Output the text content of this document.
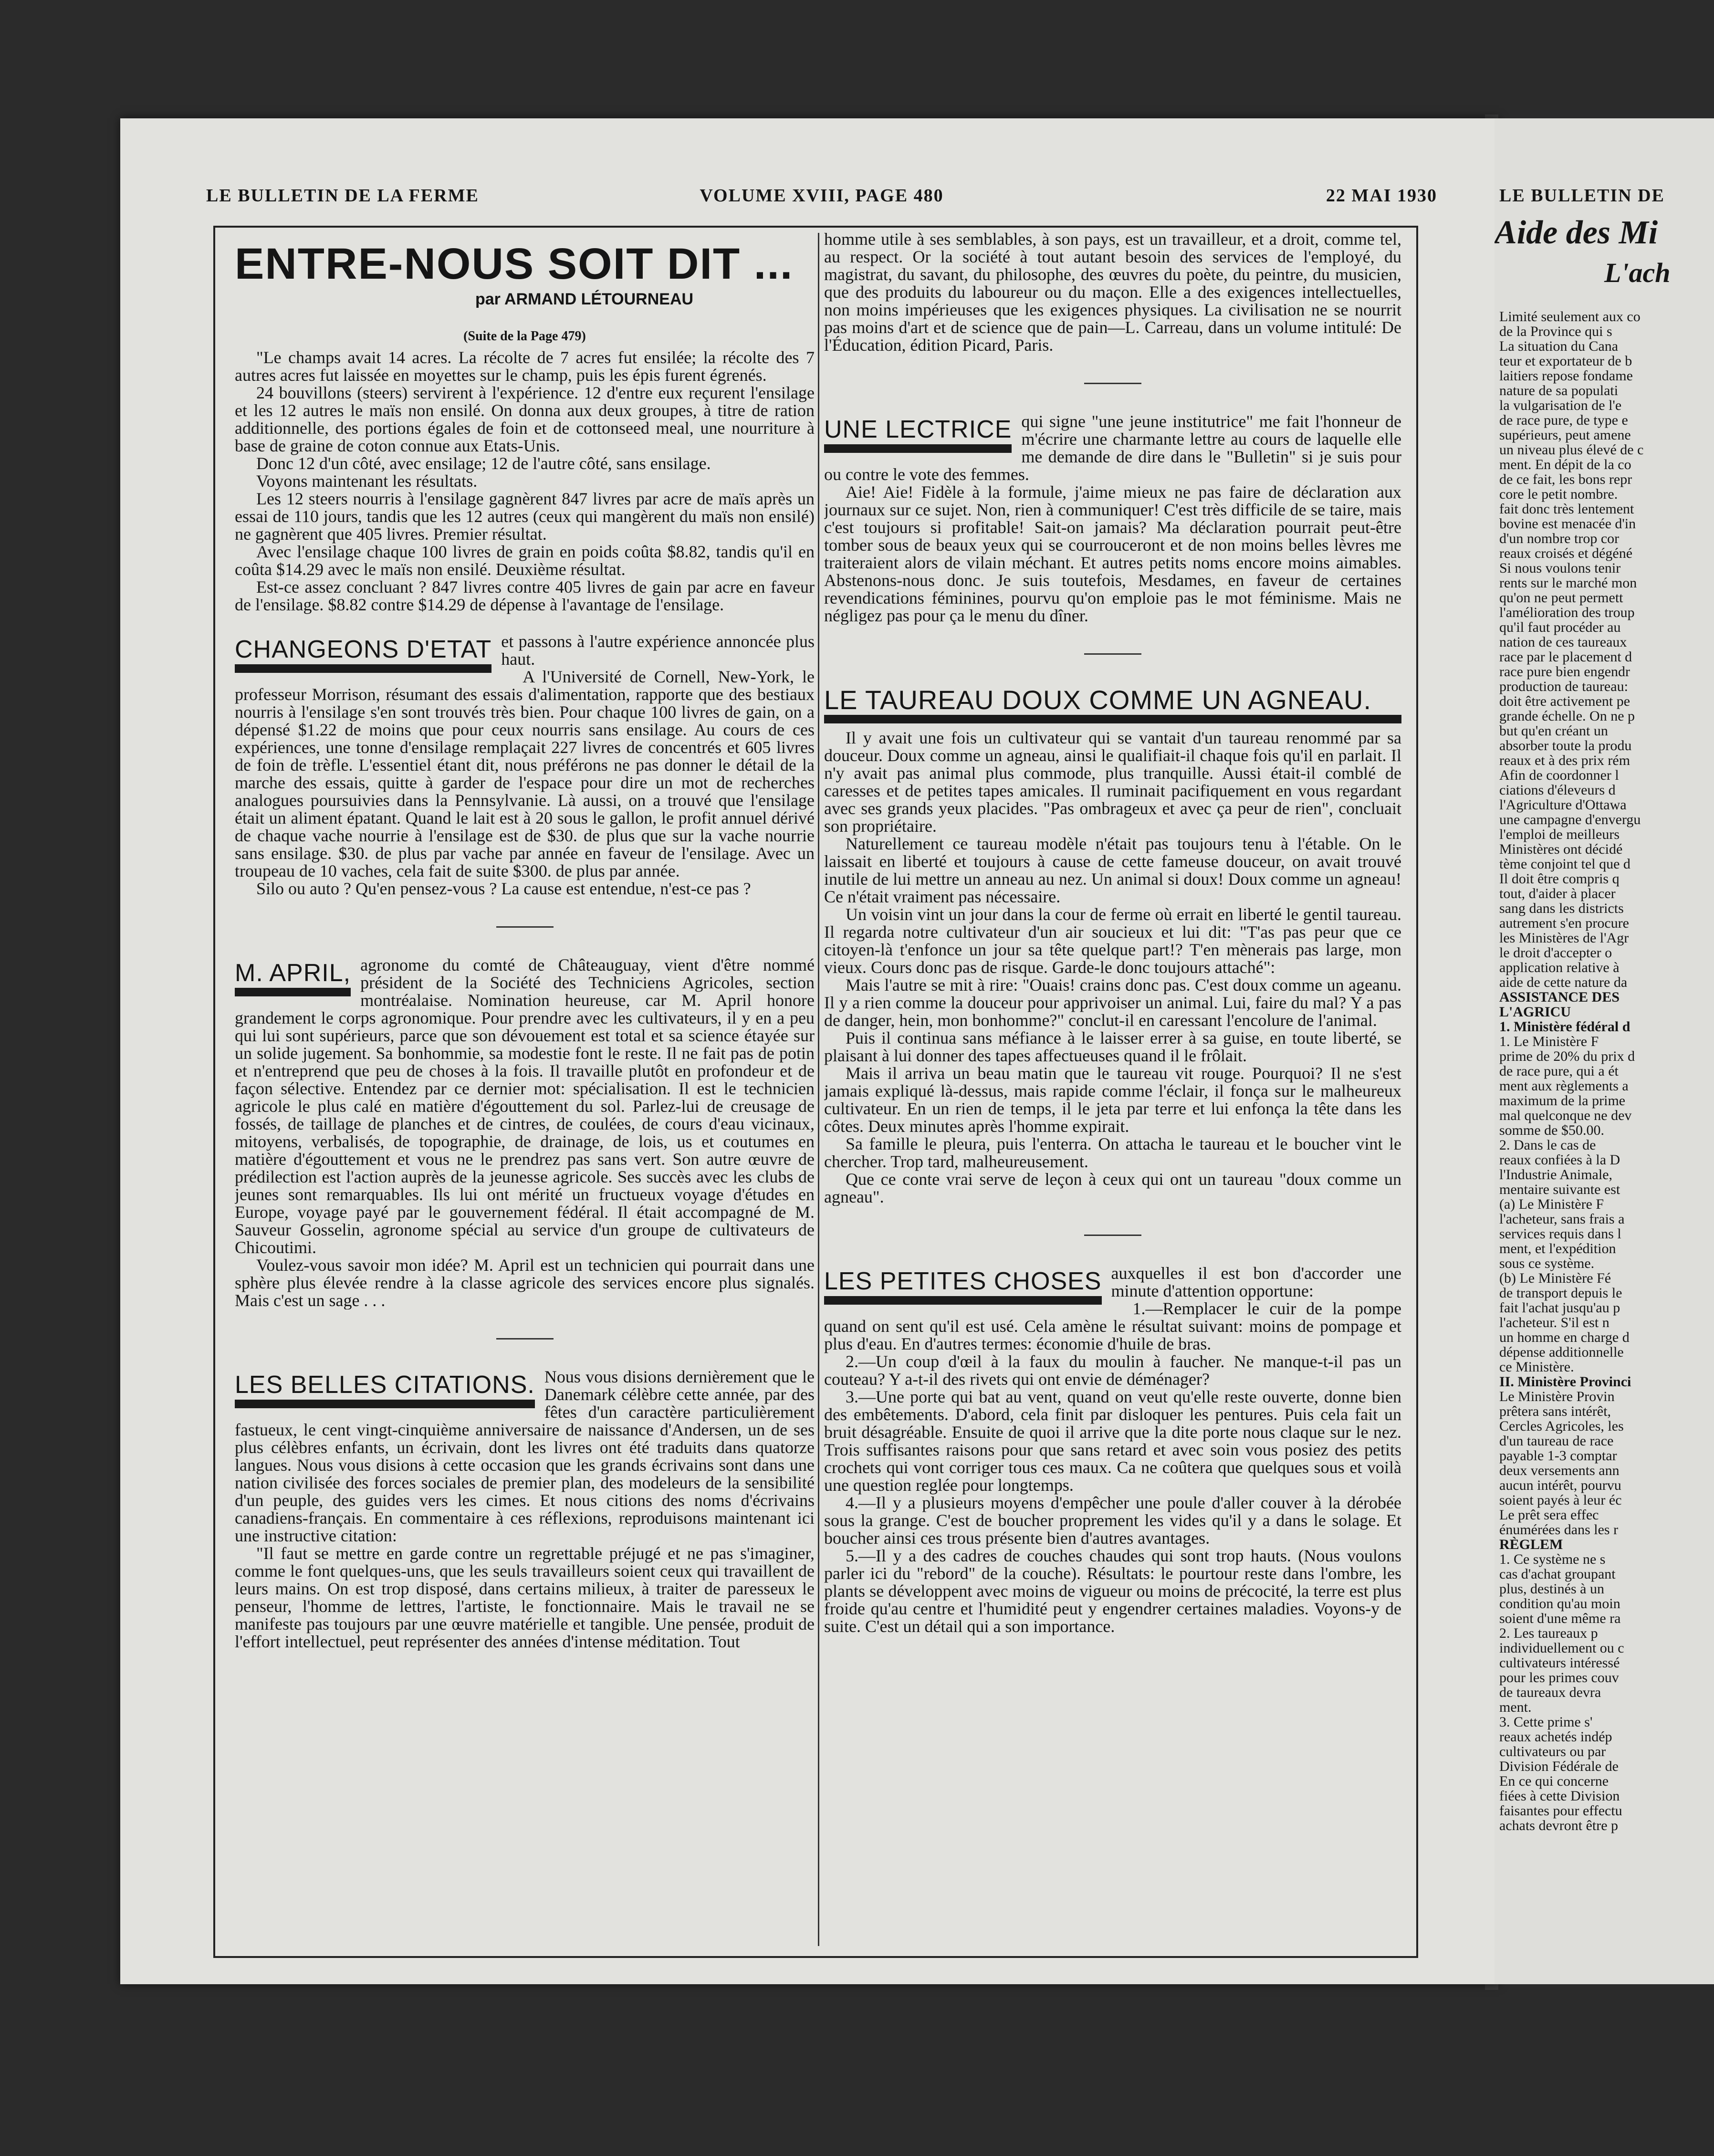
LE BULLETIN DE LA FERME	VOLUME XVIII, PAGE 480	22 MAI 1930
ENTRE-NOUS SOIT DIT ...
par ARMAND LÉTOURNEAU
(Suite de la Page 479)

"Le champs avait 14 acres. La récolte de 7 acres fut ensilée; la récolte des 7 autres acres fut laissée en moyettes sur le champ, puis les épis furent égrenés.

24 bouvillons (steers) servirent à l'expérience. 12 d'entre eux reçurent l'ensilage et les 12 autres le maïs non ensilé. On donna aux deux groupes, à titre de ration additionnelle, des portions égales de foin et de cottonseed meal, une nourriture à base de graine de coton connue aux Etats-Unis.

Donc 12 d'un côté, avec ensilage; 12 de l'autre côté, sans ensilage.

Voyons maintenant les résultats.

Les 12 steers nourris à l'ensilage gagnèrent 847 livres par acre de maïs après un essai de 110 jours, tandis que les 12 autres (ceux qui mangèrent du maïs non ensilé) ne gagnèrent que 405 livres. Premier résultat.

Avec l'ensilage chaque 100 livres de grain en poids coûta $8.82, tandis qu'il en coûta $14.29 avec le maïs non ensilé. Deuxième résultat.

Est-ce assez concluant ? 847 livres contre 405 livres de gain par acre en faveur de l'ensilage. $8.82 contre $14.29 de dépense à l'avantage de l'ensilage.

CHANGEONS D'ETAT et passons à l'autre expérience annoncée plus haut.

A l'Université de Cornell, New-York, le professeur Morrison, résumant des essais d'alimentation, rapporte que des bestiaux nourris à l'ensilage s'en sont trouvés très bien. Pour chaque 100 livres de gain, on a dépensé $1.22 de moins que pour ceux nourris sans ensilage. Au cours de ces expériences, une tonne d'ensilage remplaçait 227 livres de concentrés et 605 livres de foin de trèfle. L'essentiel étant dit, nous préférons ne pas donner le détail de la marche des essais, quitte à garder de l'espace pour dire un mot de recherches analogues poursuivies dans la Pennsylvanie. Là aussi, on a trouvé que l'ensilage était un aliment épatant. Quand le lait est à 20 sous le gallon, le profit annuel dérivé de chaque vache nourrie à l'ensilage est de $30. de plus que sur la vache nourrie sans ensilage. $30. de plus par vache par année en faveur de l'ensilage. Avec un troupeau de 10 vaches, cela fait de suite $300. de plus par année.

Silo ou auto ? Qu'en pensez-vous ? La cause est entendue, n'est-ce pas ?

M. APRIL, agronome du comté de Châteauguay, vient d'être nommé président de la Société des Techniciens Agricoles, section montréalaise. Nomination heureuse, car M. April honore grandement le corps agronomique. Pour prendre avec les cultivateurs, il y en a peu qui lui sont supérieurs, parce que son dévouement est total et sa science étayée sur un solide jugement. Sa bonhommie, sa modestie font le reste. Il ne fait pas de potin et n'entreprend que peu de choses à la fois. Il travaille plutôt en profondeur et de façon sélective. Entendez par ce dernier mot: spécialisation. Il est le technicien agricole le plus calé en matière d'égouttement du sol. Parlez-lui de creusage de fossés, de taillage de planches et de cintres, de coulées, de cours d'eau vicinaux, mitoyens, verbalisés, de topographie, de drainage, de lois, us et coutumes en matière d'égouttement et vous ne le prendrez pas sans vert. Son autre œuvre de prédilection est l'action auprès de la jeunesse agricole. Ses succès avec les clubs de jeunes sont remarquables. Ils lui ont mérité un fructueux voyage d'études en Europe, voyage payé par le gouvernement fédéral. Il était accompagné de M. Sauveur Gosselin, agronome spécial au service d'un groupe de cultivateurs de Chicoutimi.

Voulez-vous savoir mon idée? M. April est un technicien qui pourrait dans une sphère plus élevée rendre à la classe agricole des services encore plus signalés. Mais c'est un sage . . .

LES BELLES CITATIONS. Nous vous disions dernièrement que le Danemark célèbre cette année, par des fêtes d'un caractère particulièrement fastueux, le cent vingt-cinquième anniversaire de naissance d'Andersen, un de ses plus célèbres enfants, un écrivain, dont les livres ont été traduits dans quatorze langues. Nous vous disions à cette occasion que les grands écrivains sont dans une nation civilisée des forces sociales de premier plan, des modeleurs de la sensibilité d'un peuple, des guides vers les cimes. Et nous citions des noms d'écrivains canadiens-français. En commentaire à ces réflexions, reproduisons maintenant ici une instructive citation:

"Il faut se mettre en garde contre un regrettable préjugé et ne pas s'imaginer, comme le font quelques-uns, que les seuls travailleurs soient ceux qui travaillent de leurs mains. On est trop disposé, dans certains milieux, à traiter de paresseux le penseur, l'homme de lettres, l'artiste, le fonctionnaire. Mais le travail ne se manifeste pas toujours par une œuvre matérielle et tangible. Une pensée, produit de l'effort intellectuel, peut représenter des années d'intense méditation. Tout

homme utile à ses semblables, à son pays, est un travailleur, et a droit, comme tel, au respect. Or la société à tout autant besoin des services de l'employé, du magistrat, du savant, du philosophe, des œuvres du poète, du peintre, du musicien, que des produits du laboureur ou du maçon. Elle a des exigences intellectuelles, non moins impérieuses que les exigences physiques. La civilisation ne se nourrit pas moins d'art et de science que de pain—L. Carreau, dans un volume intitulé: De l'Éducation, édition Picard, Paris.

UNE LECTRICE qui signe "une jeune institutrice" me fait l'honneur de m'écrire une charmante lettre au cours de laquelle elle me demande de dire dans le "Bulletin" si je suis pour ou contre le vote des femmes.

Aie! Aie! Fidèle à la formule, j'aime mieux ne pas faire de déclaration aux journaux sur ce sujet. Non, rien à communiquer! C'est très difficile de se taire, mais c'est toujours si profitable! Sait-on jamais? Ma déclaration pourrait peut-être tomber sous de beaux yeux qui se courrouceront et de non moins belles lèvres me traiteraient alors de vilain méchant. Et autres petits noms encore moins aimables. Abstenons-nous donc. Je suis toutefois, Mesdames, en faveur de certaines revendications féminines, pourvu qu'on emploie pas le mot féminisme. Mais ne négligez pas pour ça le menu du dîner.

LE TAUREAU DOUX COMME UN AGNEAU.

Il y avait une fois un cultivateur qui se vantait d'un taureau renommé par sa douceur. Doux comme un agneau, ainsi le qualifiait-il chaque fois qu'il en parlait. Il n'y avait pas animal plus commode, plus tranquille. Aussi était-il comblé de caresses et de petites tapes amicales. Il ruminait pacifiquement en vous regardant avec ses grands yeux placides. "Pas ombrageux et avec ça peur de rien", concluait son propriétaire.

Naturellement ce taureau modèle n'était pas toujours tenu à l'étable. On le laissait en liberté et toujours à cause de cette fameuse douceur, on avait trouvé inutile de lui mettre un anneau au nez. Un animal si doux! Doux comme un agneau! Ce n'était vraiment pas nécessaire.

Un voisin vint un jour dans la cour de ferme où errait en liberté le gentil taureau. Il regarda notre cultivateur d'un air soucieux et lui dit: "T'as pas peur que ce citoyen-là t'enfonce un jour sa tête quelque part!? T'en mènerais pas large, mon vieux. Cours donc pas de risque. Garde-le donc toujours attaché":

Mais l'autre se mit à rire: "Ouais! crains donc pas. C'est doux comme un ageanu. Il y a rien comme la douceur pour apprivoiser un animal. Lui, faire du mal? Y a pas de danger, hein, mon bonhomme?" conclut-il en caressant l'encolure de l'animal.

Puis il continua sans méfiance à le laisser errer à sa guise, en toute liberté, se plaisant à lui donner des tapes affectueuses quand il le frôlait.

Mais il arriva un beau matin que le taureau vit rouge. Pourquoi? Il ne s'est jamais expliqué là-dessus, mais rapide comme l'éclair, il fonça sur le malheureux cultivateur. En un rien de temps, il le jeta par terre et lui enfonça la tête dans les côtes. Deux minutes après l'homme expirait.

Sa famille le pleura, puis l'enterra. On attacha le taureau et le boucher vint le chercher. Trop tard, malheureusement.

Que ce conte vrai serve de leçon à ceux qui ont un taureau "doux comme un agneau".

LES PETITES CHOSES auxquelles il est bon d'accorder une minute d'attention opportune:

1.—Remplacer le cuir de la pompe quand on sent qu'il est usé. Cela amène le résultat suivant: moins de pompage et plus d'eau. En d'autres termes: économie d'huile de bras.

2.—Un coup d'œil à la faux du moulin à faucher. Ne manque-t-il pas un couteau? Y a-t-il des rivets qui ont envie de déménager?

3.—Une porte qui bat au vent, quand on veut qu'elle reste ouverte, donne bien des embêtements. D'abord, cela finit par disloquer les pentures. Puis cela fait un bruit désagréable. Ensuite de quoi il arrive que la dite porte nous claque sur le nez. Trois suffisantes raisons pour que sans retard et avec soin vous posiez des petits crochets qui vont corriger tous ces maux. Ca ne coûtera que quelques sous et voilà une question reglée pour longtemps.

4.—Il y a plusieurs moyens d'empêcher une poule d'aller couver à la dérobée sous la grange. C'est de boucher proprement les vides qu'il y a dans le solage. Et boucher ainsi ces trous présente bien d'autres avantages.

5.—Il y a des cadres de couches chaudes qui sont trop hauts. (Nous voulons parler ici du "rebord" de la couche). Résultats: le pourtour reste dans l'ombre, les plants se développent avec moins de vigueur ou moins de précocité, la terre est plus froide qu'au centre et l'humidité peut y engendrer certaines maladies. Voyons-y de suite. C'est un détail qui a son importance.

LE BULLETIN DE
Aide des Mi
L'ach
Limité seulement aux co
de la Province qui s
La situation du Cana
teur et exportateur de b
laitiers repose fondame
nature de sa populati
la vulgarisation de l'e
de race pure, de type e
supérieurs, peut amene
un niveau plus élevé de c
ment. En dépit de la co
de ce fait, les bons repr
core le petit nombre.
fait donc très lentement
bovine est menacée d'in
d'un nombre trop cor
reaux croisés et dégéné
Si nous voulons tenir
rents sur le marché mon
qu'on ne peut permett
l'amélioration des troup
qu'il faut procéder au
nation de ces taureaux
race par le placement d
race pure bien engendr
production de taureau:
doit être activement pe
grande échelle. On ne p
but qu'en créant un
absorber toute la produ
reaux et à des prix rém
Afin de coordonner l
ciations d'éleveurs d
l'Agriculture d'Ottawa
une campagne d'envergu
l'emploi de meilleurs
Ministères ont décidé
tème conjoint tel que d
Il doit être compris q
tout, d'aider à placer
sang dans les districts
autrement s'en procure
les Ministères de l'Agr
le droit d'accepter o
application relative à
aide de cette nature da
ASSISTANCE DES
L'AGRICU
1. Ministère fédéral d
1. Le Ministère F
prime de 20% du prix d
de race pure, qui a ét
ment aux règlements a
maximum de la prime
mal quelconque ne dev
somme de $50.00.
2. Dans le cas de
reaux confiées à la D
l'Industrie Animale,
mentaire suivante est
(a) Le Ministère F
l'acheteur, sans frais a
services requis dans l
ment, et l'expédition
sous ce système.
(b) Le Ministère Fé
de transport depuis le
fait l'achat jusqu'au p
l'acheteur. S'il est n
un homme en charge d
dépense additionnelle
ce Ministère.
II. Ministère Provinci
Le Ministère Provin
prêtera sans intérêt,
Cercles Agricoles, les
d'un taureau de race
payable 1-3 comptar
deux versements ann
aucun intérêt, pourvu
soient payés à leur éc
Le prêt sera effec
énumérées dans les r
RÈGLEM
1. Ce système ne s
cas d'achat groupant
plus, destinés à un
condition qu'au moin
soient d'une même ra
2. Les taureaux p
individuellement ou c
cultivateurs intéressé
pour les primes couv
de taureaux devra
ment.
3. Cette prime s'
reaux achetés indép
cultivateurs ou par
Division Fédérale de
En ce qui concerne
fiées à cette Division
faisantes pour effectu
achats devront être p
